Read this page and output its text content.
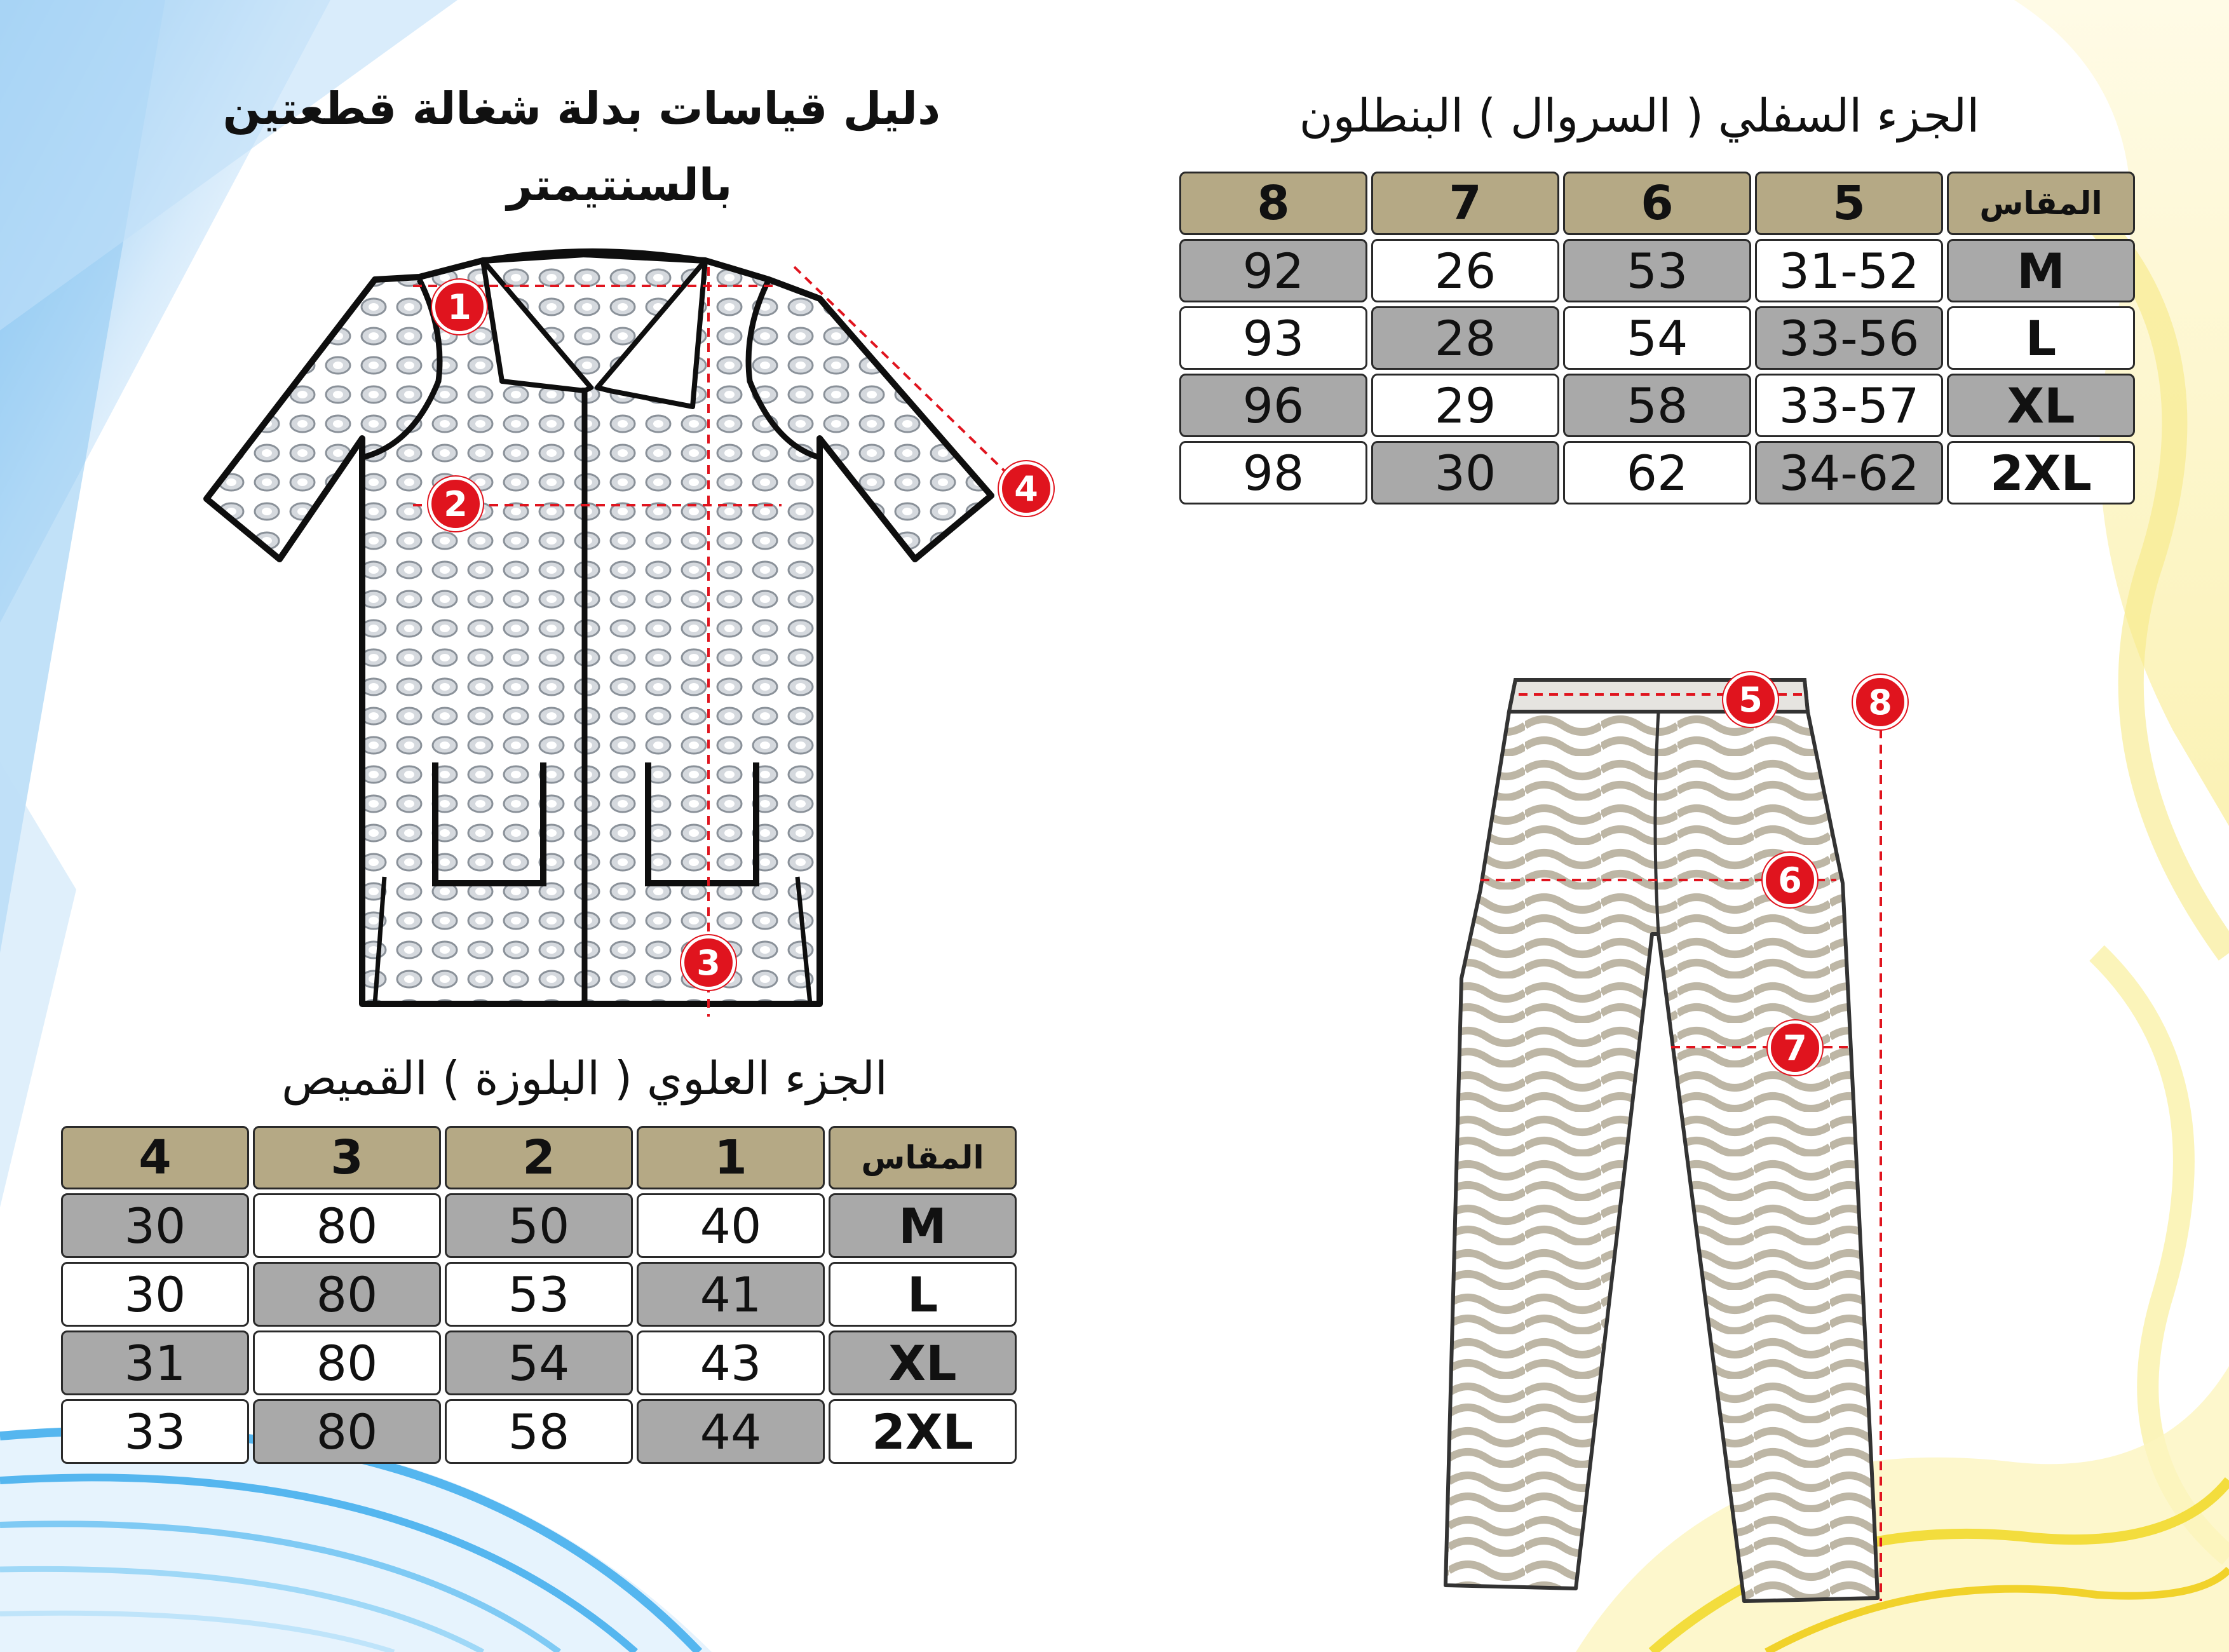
دليل قياسات بدلة شغالة قطعتين
بالسنتيمتر
الجزء السفلي ( السروال ) البنطلون
8	7	6	5	المقاس
92	26	53	31-52	M
93	28	54	33-56	L
96	29	58	33-57	XL
98	30	62	34-62	2XL
الجزء العلوي ( البلوزة ) القميص
4	3	2	1	المقاس
30	80	50	40	M
30	80	53	41	L
31	80	54	43	XL
33	80	58	44	2XL
1
2
3
4
5
6
7
8
